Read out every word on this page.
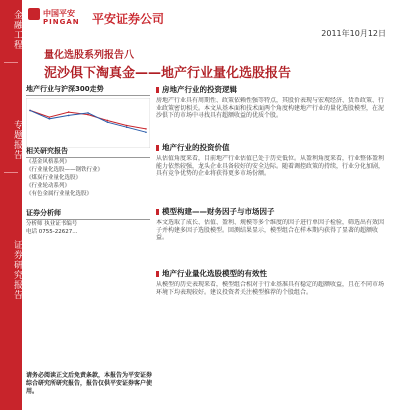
金融工程
专题报告
证券研究报告
中国平安
PINGAN 平安证券公司
2011年10月12日
量化选股系列报告八
泥沙俱下淘真金——地产行业量化选股报告
地产行业与沪深300走势
相关研究报告
《基金风格系列》
《行业量化选股——钢铁行业》
《煤炭行业量化选股》
《行业轮动系列》
《有色金属行业量化选股》
证券分析师
分析师 执业证书编号
电话 0755-22627...
房地产行业的投资逻辑
房地产行业具有周期性、政策依赖性强等特点，其股价表现与宏观经济、货币政策、行业政策密切相关。本文从基本面和技术面两个角度构建地产行业的量化选股模型，在泥沙俱下的市场中寻找具有超额收益的优质个股。
地产行业的投资价值
从估值角度来看，目前地产行业估值已处于历史低位。从盈利角度来看，行业整体盈利能力依然较强，龙头企业具备较好的安全边际。随着调控政策的持续，行业分化加剧，具有竞争优势的企业将获得更多市场份额。
模型构建——财务因子与市场因子
本文选取了成长、估值、盈利、规模等多个维度的因子进行单因子检验，筛选出有效因子并构建多因子选股模型。回测结果显示，模型组合在样本期内获得了显著的超额收益。
地产行业量化选股模型的有效性
从模型的历史表现来看，模型组合相对于行业基准具有稳定的超额收益，且在不同市场环境下均表现较好。建议投资者关注模型推荐的个股组合。
请务必阅读正文后免责条款，本报告为平安证券综合研究所研究报告，报告仅供平安证券客户使用。
